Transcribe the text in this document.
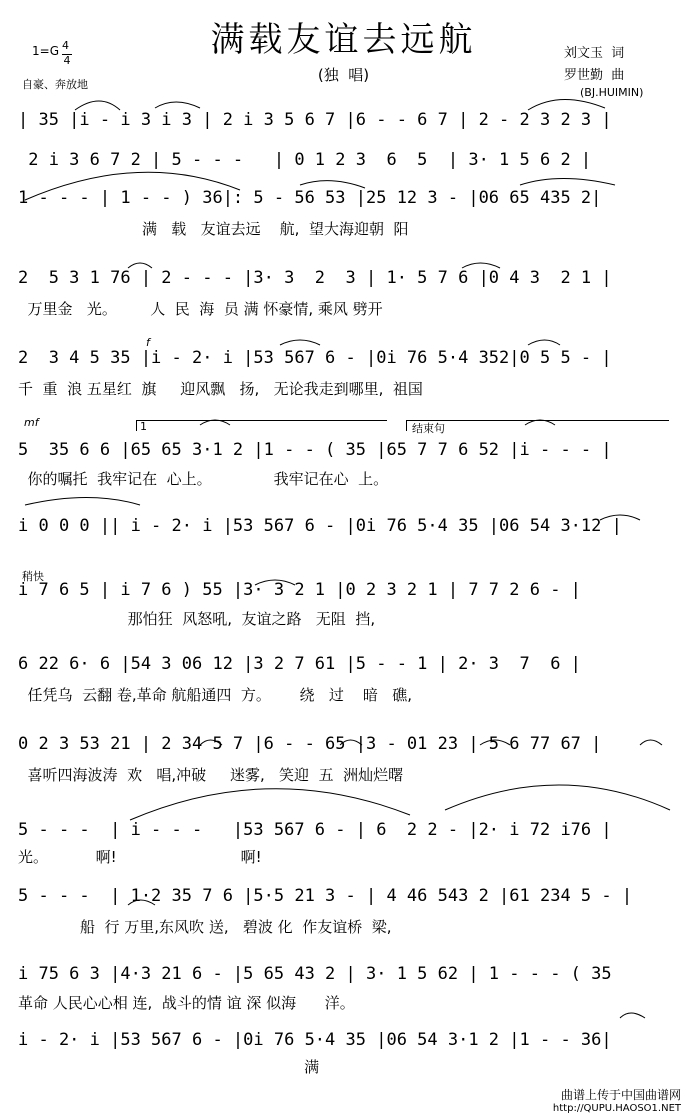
满载友谊去远航
(独  唱)
1=G 4
4
自豪、奔放地
刘文玉  词
罗世勤  曲
(BJ.HUIMIN)
f
mf	1	结束句
稍快
| 35 |i - i 3 i 3 | 2 i 3 5 6 7 |6 - - 6 7 | 2 - 2 3 2 3 |
2 i 3 6 7 2 | 5 - - -   | 0 1 2 3  6  5  | 3· 1 5 6 2 |
1 - - - | 1 - - ) 36|: 5 - 56 53 |25 12 3 - |06 65 435 2|
满   载   友谊去远    航,  望大海迎朝  阳
2  5 3 1 76 | 2 - - - |3· 3  2  3 | 1· 5 7 6 |0 4 3  2 1 |
万里金   光。       人  民  海  员 满 怀豪情, 乘风 劈开
2  3 4 5 35 |i - 2· i |53 567 6 - |0i 76 5·4 352|0 5 5 - |
千  重  浪 五星红  旗     迎风飘   扬,   无论我走到哪里,  祖国
5  35 6 6 |65 65 3·1 2 |1 - - ( 35 |65 7 7 6 52 |i - - - |
你的嘱托  我牢记在  心上。             我牢记在心  上。
i 0 0 0 || i - 2· i |53 567 6 - |0i 76 5·4 35 |06 54 3·12 |
i 7 6 5 | i 7 6 ) 55 |3· 3 2 1 |0 2 3 2 1 | 7 7 2 6 - |
那怕狂  风怒吼,  友谊之路   无阻  挡,
6 22 6· 6 |54 3 06 12 |3 2 7 61 |5 - - 1 | 2· 3  7  6 |
任凭乌  云翻 卷,革命 航船通四  方。      绕   过    暗   礁,
0 2 3 53 21 | 2 34 5 7 |6 - - 65 |3 - 01 23 | 5 6 77 67 |
喜听四海波涛  欢   唱,冲破     迷雾,   笑迎  五  洲灿烂曙
5 - - -  | i - - -   |53 567 6 - | 6  2 2 - |2· i 72 i76 |
光。          啊!                          啊!
5 - - -  | 1·2 35 7 6 |5·5 21 3 - | 4 46 543 2 |61 234 5 - |
船  行 万里,东风吹 送,   碧波 化  作友谊桥  梁,
i 75 6 3 |4·3 21 6 - |5 65 43 2 | 3· 1 5 62 | 1 - - - ( 35
革命 人民心心相 连,  战斗的情 谊 深 似海      洋。
i - 2· i |53 567 6 - |0i 76 5·4 35 |06 54 3·1 2 |1 - - 36|
满
曲谱上传于中国曲谱网
http://QUPU.HAOSO1.NET
